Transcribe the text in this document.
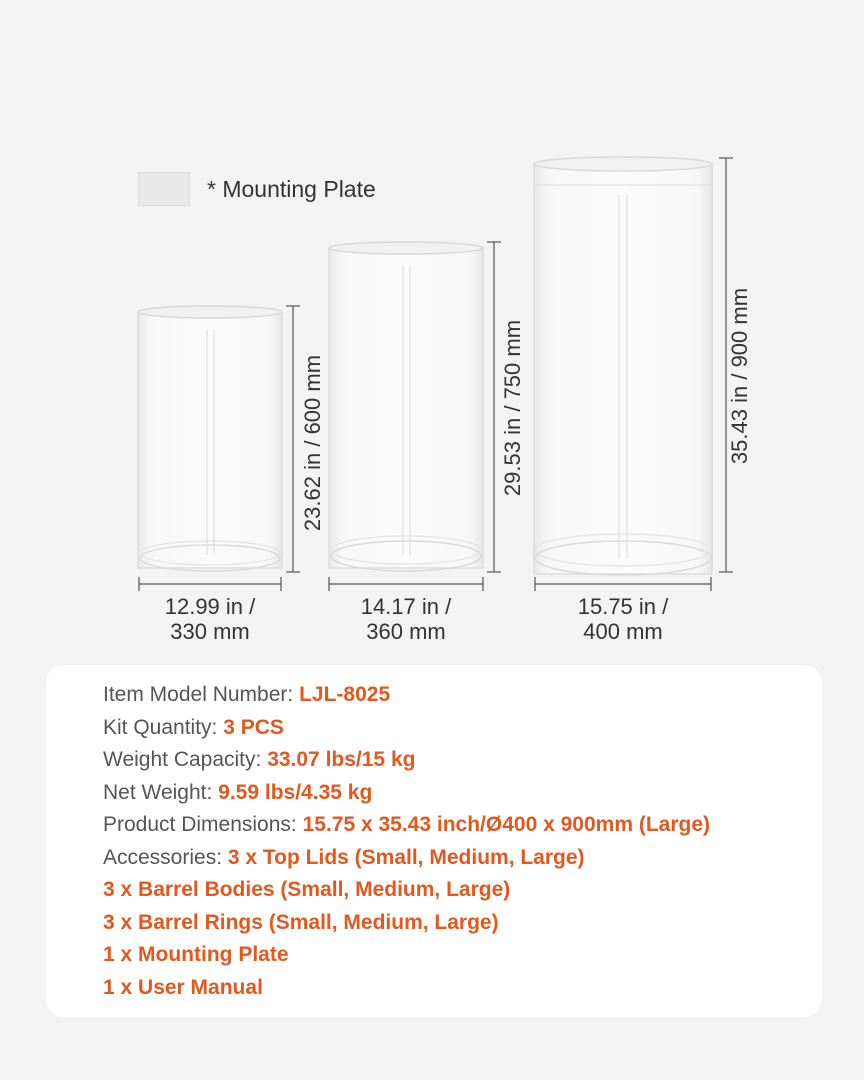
* Mounting Plate
23.62 in / 600 mm	29.53 in / 750 mm	35.43 in / 900 mm
12.99 in /
330 mm
14.17 in /
360 mm
15.75 in /
400 mm
Item Model Number: LJL-8025
Kit Quantity: 3 PCS
Weight Capacity: 33.07 lbs/15 kg
Net Weight: 9.59 lbs/4.35 kg
Product Dimensions: 15.75 x 35.43 inch/Ø400 x 900mm (Large)
Accessories: 3 x Top Lids (Small, Medium, Large)
3 x Barrel Bodies (Small, Medium, Large)
3 x Barrel Rings (Small, Medium, Large)
1 x Mounting Plate
1 x User Manual
